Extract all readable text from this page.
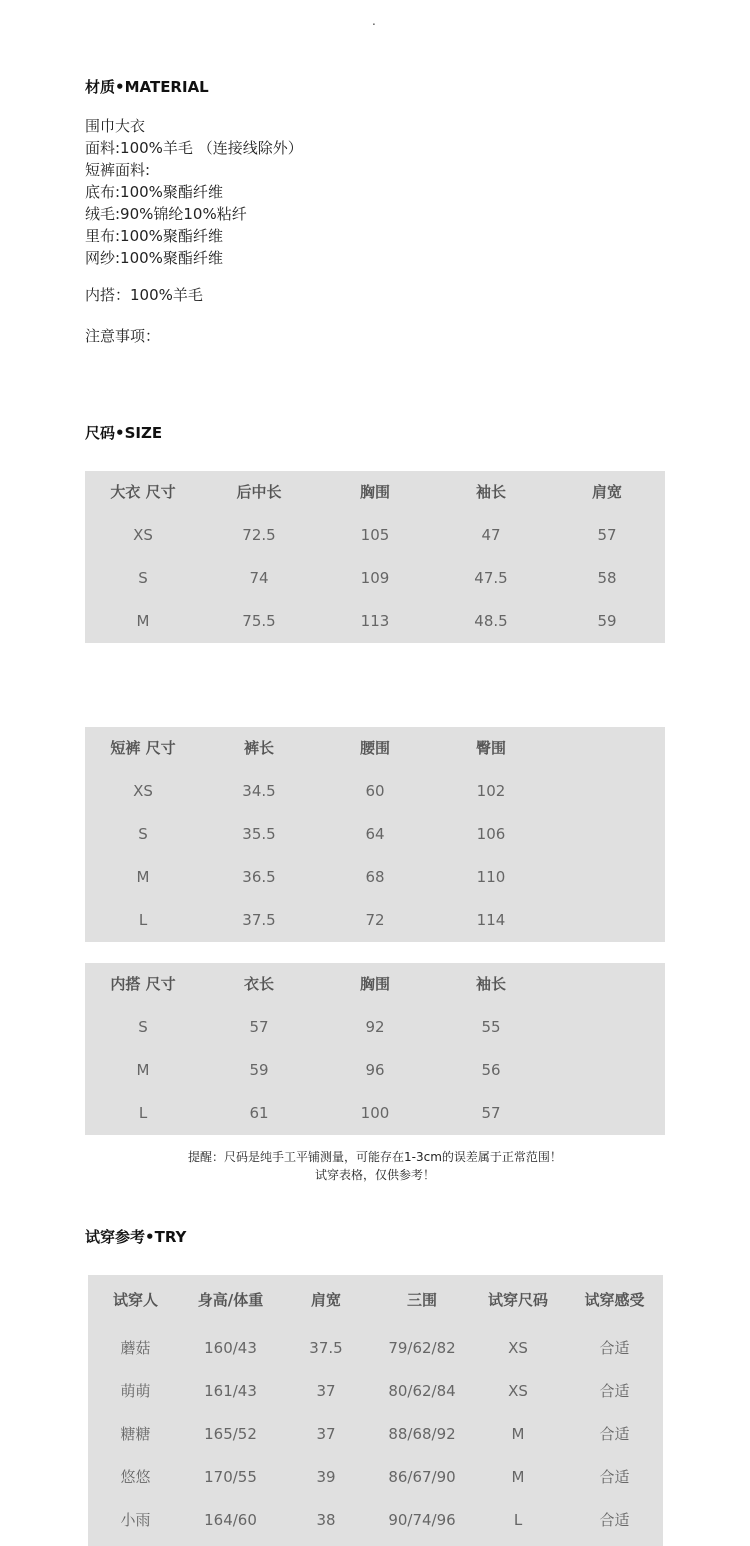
.
材质•MATERIAL
围巾大衣
面料:100%羊毛 （连接线除外）
短裤面料:
底布:100%聚酯纤维
绒毛:90%锦纶10%粘纤
里布:100%聚酯纤维
网纱:100%聚酯纤维
内搭：100%羊毛
注意事项：
尺码•SIZE
大衣 尺寸	后中长	胸围	袖长	肩宽
XS	72.5	105	47	57
S	74	109	47.5	58
M	75.5	113	48.5	59
短裤 尺寸	裤长	腰围	臀围
XS	34.5	60	102
S	35.5	64	106
M	36.5	68	110
L	37.5	72	114
内搭 尺寸	衣长	胸围	袖长
S	57	92	55
M	59	96	56
L	61	100	57
提醒：尺码是纯手工平铺测量，可能存在1-3cm的误差属于正常范围！
试穿表格，仅供参考！
试穿参考•TRY
试穿人	身高/体重	肩宽	三围	试穿尺码	试穿感受
蘑菇	160/43	37.5	79/62/82	XS	合适
萌萌	161/43	37	80/62/84	XS	合适
糖糖	165/52	37	88/68/92	M	合适
悠悠	170/55	39	86/67/90	M	合适
小雨	164/60	38	90/74/96	L	合适
